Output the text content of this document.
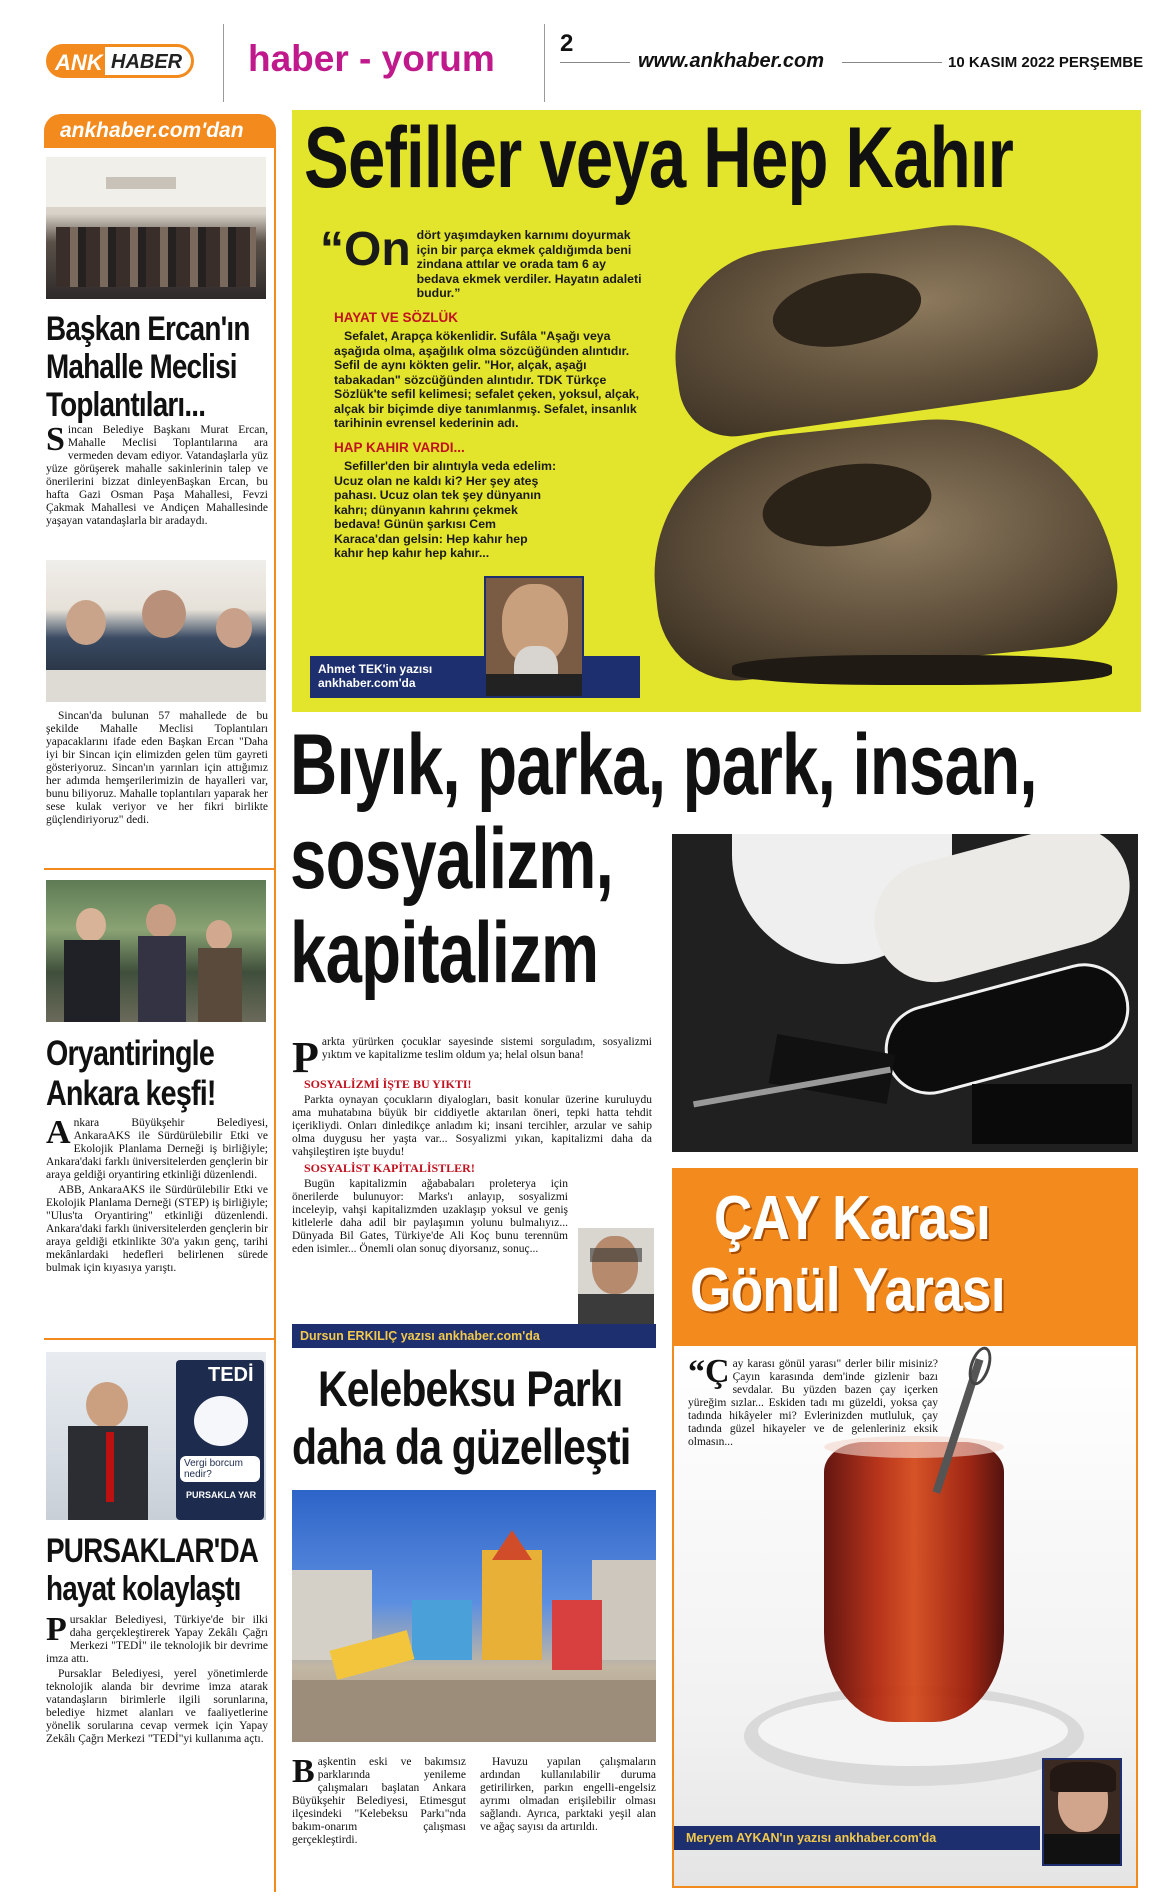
ANK HABER haber - yorum	2
www.ankhaber.com	10 KASIM 2022 PERŞEMBE
ankhaber.com'dan
Başkan Ercan'ın Mahalle Meclisi Toplantıları...
Sincan Belediye Başkanı Murat Ercan, Mahalle Meclisi Toplantılarına ara vermeden devam ediyor. Vatandaşlarla yüz yüze görüşerek mahalle sakinlerinin talep ve önerilerini bizzat dinleyenBaşkan Ercan, bu hafta Gazi Osman Paşa Mahallesi, Fevzi Çakmak Mahallesi ve Andiçen Mahallesinde yaşayan vatandaşlarla bir aradaydı.

Sincan'da bulunan 57 mahallede de bu şekilde Mahalle Meclisi Toplantıları yapacaklarını ifade eden Başkan Ercan "Daha iyi bir Sincan için elimizden gelen tüm gayreti gösteriyoruz. Sincan'ın yarınları için attığımız her adımda hemşerilerimizin de hayalleri var, bunu biliyoruz. Mahalle toplantıları yaparak her sese kulak veriyor ve her fikri birlikte güçlendiriyoruz" dedi.

Oryantiringle Ankara keşfi!
Ankara Büyükşehir Belediyesi, AnkaraAKS ile Sürdürülebilir Etki ve Ekolojik Planlama Derneği iş birliğiyle; Ankara'daki farklı üniversitelerden gençlerin bir araya geldiği oryantiring etkinliği düzenlendi.

ABB, AnkaraAKS ile Sürdürülebilir Etki ve Ekolojik Planlama Derneği (STEP) iş birliğiyle; "Ulus'ta Oryantiring" etkinliği düzenlendi. Ankara'daki farklı üniversitelerden gençlerin bir araya geldiği etkinlikte 30'a yakın genç, tarihi mekânlardaki hedefleri belirlenen sürede bulmak için kıyasıya yarıştı.

TEDİ
Vergi borcum nedir?
PURSAKLA YAR
PURSAKLAR'DA hayat kolaylaştı
Pursaklar Belediyesi, Türkiye'de bir ilki daha gerçekleştirerek Yapay Zekâlı Çağrı Merkezi "TEDİ" ile teknolojik bir devrime imza attı.

Pursaklar Belediyesi, yerel yönetimlerde teknolojik alanda bir devrime imza atarak vatandaşların birimlerle ilgili sorunlarına, belediye hizmet alanları ve faaliyetlerine yönelik sorularına cevap vermek için Yapay Zekâlı Çağrı Merkezi "TEDİ"yi kullanıma açtı.

Sefiller veya Hep Kahır
“On dört yaşımdayken karnımı doyurmak için bir parça ekmek çaldığımda beni zindana attılar ve orada tam 6 ay bedava ekmek verdiler. Hayatın adaleti budur.”
HAYAT VE SÖZLÜK
Sefalet, Arapça kökenlidir. Sufâla "Aşağı veya aşağıda olma, aşağılık olma sözcüğünden alıntıdır. Sefil de aynı kökten gelir. "Hor, alçak, aşağı tabakadan" sözcüğünden alıntıdır. TDK Türkçe Sözlük'te sefil kelimesi; sefalet çeken, yoksul, alçak, alçak bir biçimde diye tanımlanmış. Sefalet, insanlık tarihinin evrensel kederinin adı.
HAP KAHIR VARDI...
Sefiller'den bir alıntıyla veda edelim: Ucuz olan ne kaldı ki? Her şey ateş pahası. Ucuz olan tek şey dünyanın kahrı; dünyanın kahrını çekmek bedava! Günün şarkısı Cem Karaca'dan gelsin: Hep kahır hep kahır hep kahır hep kahır...
Ahmet TEK'in yazısı
ankhaber.com'da
Bıyık, parka, park, insan,
sosyalizm,
kapitalizm
Parkta yürürken çocuklar sayesinde sistemi sorguladım, sosyalizmi yıktım ve kapitalizme teslim oldum ya; helal olsun bana!
SOSYALİZMİ İŞTE BU YIKTI!

Parkta oynayan çocukların diyalogları, basit konular üzerine kuruluydu ama muhatabına büyük bir ciddiyetle aktarılan öneri, tepki hatta tehdit içerikliydi. Onları dinledikçe anladım ki; insani tercihler, arzular ve sahip olma duygusu her yaşta var... Sosyalizmi yıkan, kapitalizmi daha da vahşileştiren işte buydu!

SOSYALİST KAPİTALİSTLER!

Bugün kapitalizmin ağababaları proleterya için önerilerde bulunuyor: Marks'ı anlayıp, sosyalizmi inceleyip, vahşi kapitalizmden uzaklaşıp yoksul ve geniş kitlelerle daha adil bir paylaşımın yolunu bulmalıyız... Dünyada Bil Gates, Türkiye'de Ali Koç bunu terennüm eden isimler... Önemli olan sonuç diyorsanız, sonuç...

Dursun ERKILIÇ yazısı ankhaber.com'da
Kelebeksu Parkı
daha da güzelleşti
Başkentin eski ve bakımsız parklarında yenileme çalışmaları başlatan Ankara Büyükşehir Belediyesi, Etimesgut ilçesindeki "Kelebeksu Parkı"nda bakım-onarım çalışması gerçekleştirdi.

Havuzu yapılan çalışmaların ardından kullanılabilir duruma getirilirken, parkın engelli-engelsiz ayrımı olmadan erişilebilir olması sağlandı. Ayrıca, parktaki yeşil alan ve ağaç sayısı da artırıldı.

ÇAY Karası
Gönül Yarası
“ Ç ay karası gönül yarası" derler bilir misiniz? Çayın karasında dem'inde gizlenir bazı sevdalar. Bu yüzden bazen çay içerken yüreğim sızlar... Eskiden tadı mı güzeldi, yoksa çay tadında hikâyeler mi? Evlerinizden mutluluk, çay tadında güzel hikayeler ve de gelenleriniz eksik olmasın...
Meryem AYKAN'ın yazısı ankhaber.com'da
